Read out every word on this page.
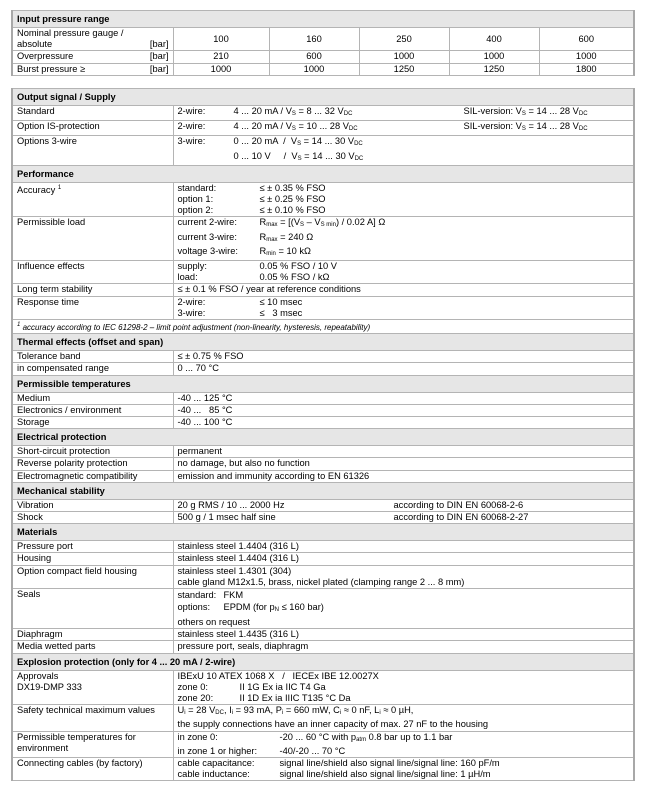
Input pressure range					

Nominal pressure gauge /
absolute [bar]	100	160	250	400	600
Overpressure [bar]	210	600	1000	1000	1000
Burst pressure ≥ [bar]	1000	1000	1250	1250	1800
Output signal / Supply	
Standard	2-wire: 4 ... 20 mA / VS = 8 ... 32 VDC SIL-version: VS = 14 ... 28 VDC
Option IS-protection	2-wire: 4 ... 20 mA / VS = 10 ... 28 VDC SIL-version: VS = 14 ... 28 VDC
Options 3-wire	3-wire: 0 ... 20 mA  /  VS = 14 ... 30 VDC
0 ... 10 V     /  VS = 14 ... 30 VDC

Performance	
Accuracy $^1$	standard: ≤ ± 0.35 % FSO
option 1: ≤ ± 0.25 % FSO
option 2: ≤ ± 0.10 % FSO

Permissible load	current 2-wire: Rmax = [(VS – VS min) / 0.02 A] Ω
current 3-wire: Rmax = 240 Ω
voltage 3-wire: Rmin = 10 kΩ

Influence effects	supply: 0.05 % FSO / 10 V
load: 0.05 % FSO / kΩ

Long term stability	≤ ± 0.1 % FSO / year at reference conditions
Response time	2-wire: ≤ 10 msec
3-wire: ≤   3 msec

$^1$ accuracy according to IEC 61298-2 – limit point adjustment (non-linearity, hysteresis, repeatability)	
Thermal effects (offset and span)	
Tolerance band	≤ ± 0.75 % FSO
in compensated range	0 ... 70 °C
Permissible temperatures	
Medium	-40 ... 125 °C
Electronics / environment	-40 ...   85 °C
Storage	-40 ... 100 °C
Electrical protection	
Short-circuit protection	permanent
Reverse polarity protection	no damage, but also no function
Electromagnetic compatibility	emission and immunity according to EN 61326
Mechanical stability	
Vibration	20 g RMS / 10 ... 2000 Hz according to DIN EN 60068-2-6
Shock	500 g / 1 msec half sine according to DIN EN 60068-2-27
Materials	
Pressure port	stainless steel 1.4404 (316 L)
Housing	stainless steel 1.4404 (316 L)
Option compact field housing	stainless steel 1.4301 (304)
cable gland M12x1.5, brass, nickel plated (clamping range 2 ... 8 mm)

Seals	standard: FKM
options: EPDM (for pN ≤ 160 bar)
others on request

Diaphragm	stainless steel 1.4435 (316 L)
Media wetted parts	pressure port, seals, diaphragm
Explosion protection (only for 4 ... 20 mA / 2-wire)	

Approvals
DX19-DMP 333	IBExU 10 ATEX 1068 X   /   IECEx IBE 12.0027X
zone 0: II 1G Ex ia IIC T4 Ga
zone 20: II 1D Ex ia IIIC T135 °C Da

Safety technical maximum values	Ui = 28 VDC, Ii = 93 mA, Pi = 660 mW, Ci ≈ 0 nF, Li ≈ 0 µH,
the supply connections have an inner capacity of max. 27 nF to the housing

Permissible temperatures for
environment	in zone 0: -20 ... 60 °C with patm 0.8 bar up to 1.1 bar
in zone 1 or higher: -40/-20 ... 70 °C

Connecting cables (by factory)	cable capacitance: signal line/shield also signal line/signal line: 160 pF/m
cable inductance: signal line/shield also signal line/signal line: 1 µH/m
